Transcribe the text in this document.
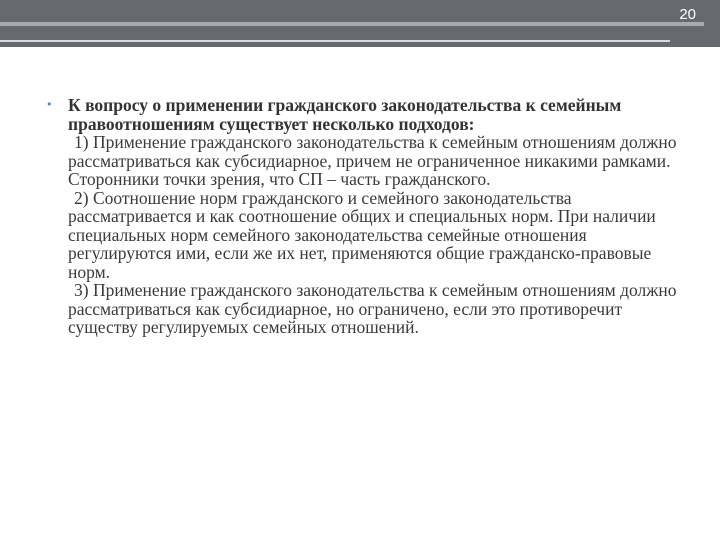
20
• К вопросу о применении гражданского законодательства к семейным правоотношениям существует несколько подходов:

1) Применение гражданского законодательства к семейным отношениям должно рассматриваться как субсидиарное, причем не ограниченное никакими рамками. Сторонники точки зрения, что СП – часть гражданского.

2) Соотношение норм гражданского и семейного законодательства рассматривается и как соотношение общих и специальных норм. При наличии специальных норм семейного законодательства семейные отношения регулируются ими, если же их нет, применяются общие гражданско-правовые норм.

3) Применение гражданского законодательства к семейным отношениям должно рассматриваться как субсидиарное, но ограничено, если это противоречит существу регулируемых семейных отношений.
